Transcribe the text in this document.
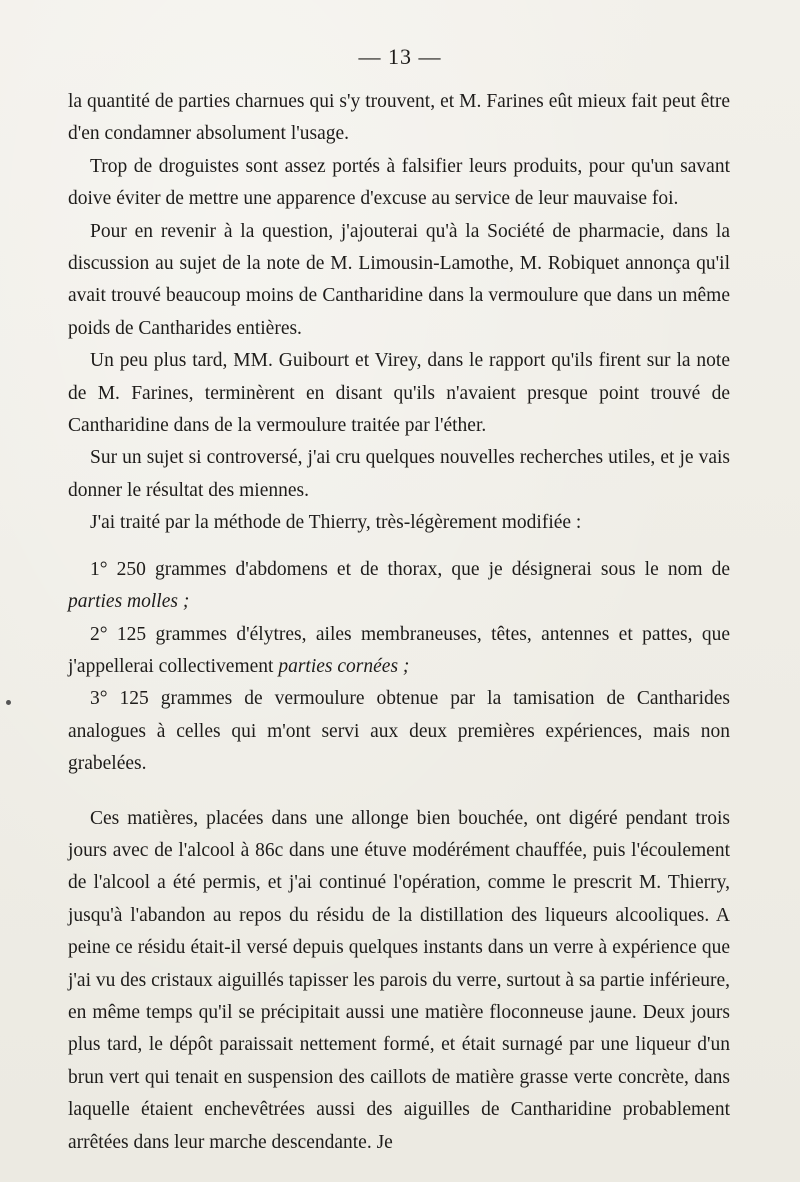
— 13 —

la quantité de parties charnues qui s'y trouvent, et M. Farines eût mieux fait peut être d'en condamner absolument l'usage.

Trop de droguistes sont assez portés à falsifier leurs produits, pour qu'un savant doive éviter de mettre une apparence d'excuse au service de leur mauvaise foi.

Pour en revenir à la question, j'ajouterai qu'à la Société de pharmacie, dans la discussion au sujet de la note de M. Limousin-Lamothe, M. Robiquet annonça qu'il avait trouvé beaucoup moins de Cantharidine dans la vermoulure que dans un même poids de Cantharides entières.

Un peu plus tard, MM. Guibourt et Virey, dans le rapport qu'ils firent sur la note de M. Farines, terminèrent en disant qu'ils n'avaient presque point trouvé de Cantharidine dans de la vermoulure traitée par l'éther.

Sur un sujet si controversé, j'ai cru quelques nouvelles recherches utiles, et je vais donner le résultat des miennes.

J'ai traité par la méthode de Thierry, très-légèrement modifiée :

1° 250 grammes d'abdomens et de thorax, que je désignerai sous le nom de parties molles ;

2° 125 grammes d'élytres, ailes membraneuses, têtes, antennes et pattes, que j'appellerai collectivement parties cornées ;

3° 125 grammes de vermoulure obtenue par la tamisation de Cantharides analogues à celles qui m'ont servi aux deux premières expériences, mais non grabelées.

Ces matières, placées dans une allonge bien bouchée, ont digéré pendant trois jours avec de l'alcool à 86c dans une étuve modérément chauffée, puis l'écoulement de l'alcool a été permis, et j'ai continué l'opération, comme le prescrit M. Thierry, jusqu'à l'abandon au repos du résidu de la distillation des liqueurs alcooliques. A peine ce résidu était-il versé depuis quelques instants dans un verre à expérience que j'ai vu des cristaux aiguillés tapisser les parois du verre, surtout à sa partie inférieure, en même temps qu'il se précipitait aussi une matière floconneuse jaune. Deux jours plus tard, le dépôt paraissait nettement formé, et était surnagé par une liqueur d'un brun vert qui tenait en suspension des caillots de matière grasse verte concrète, dans laquelle étaient enchevêtrées aussi des aiguilles de Cantharidine probablement arrêtées dans leur marche descendante. Je
